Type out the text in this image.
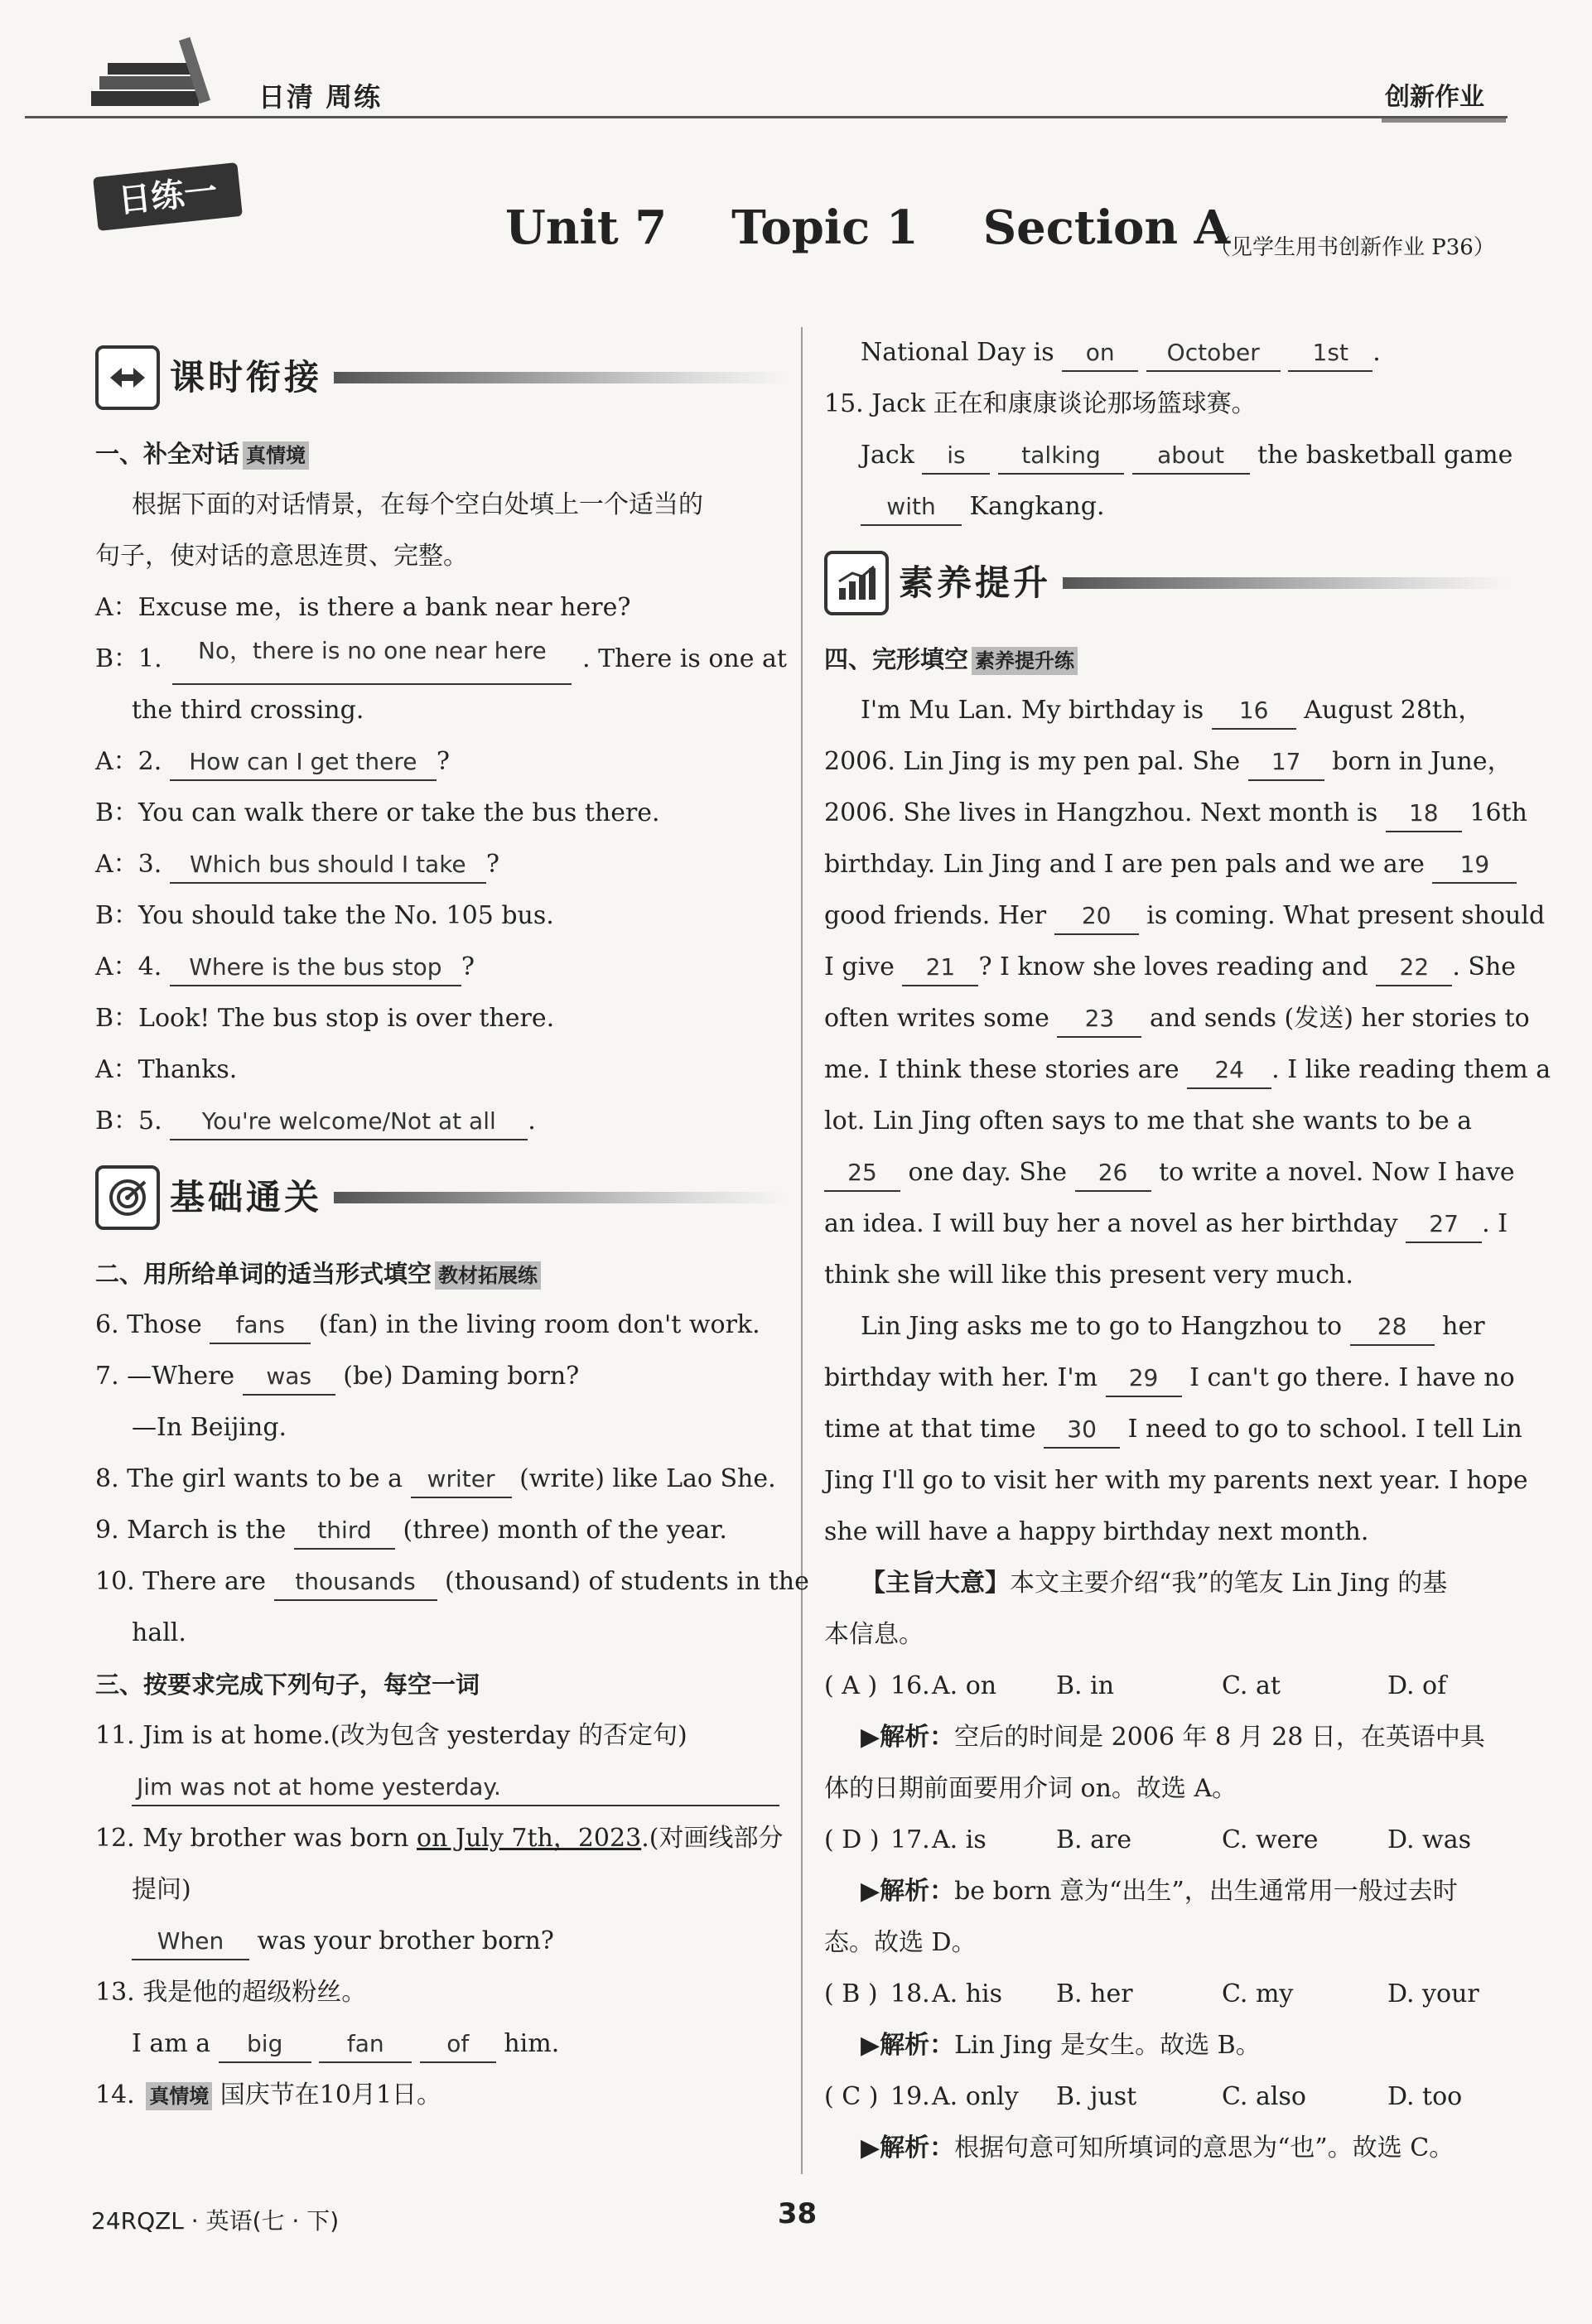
日清 周练	创新作业
日练一
Unit 7    Topic 1    Section A
（见学生用书创新作业 P36）
课时衔接
一、补全对话 真情境
根据下面的对话情景，在每个空白处填上一个适当的
句子，使对话的意思连贯、完整。
A：Excuse me，is there a bank near here?
B：1.	No，there is no one near here	. There is one at
the third crossing.
A：2. How can I get there ?
B：You can walk there or take the bus there.
A：3. Which bus should I take ?
B：You should take the No. 105 bus.
A：4. Where is the bus stop ?
B：Look! The bus stop is over there.
A：Thanks.
B：5. You're welcome/Not at all .
基础通关
二、用所给单词的适当形式填空 教材拓展练
6. Those fans (fan) in the living room don't work.
7. —Where was (be) Daming born?
—In Beijing.
8. The girl wants to be a writer (write) like Lao She.
9. March is the third (three) month of the year.
10. There are thousands (thousand) of students in the
hall.
三、按要求完成下列句子，每空一词
11. Jim is at home.(改为包含 yesterday 的否定句)
Jim was not at home yesterday.
12. My brother was born on July 7th，2023.(对画线部分
提问)
When was your brother born?
13. 我是他的超级粉丝。
I am a big	fan	of him.
14. 真情境 国庆节在10月1日。
National Day is on October 1st .
15. Jack 正在和康康谈论那场篮球赛。
Jack is talking about the basketball game
with Kangkang.
素养提升
四、完形填空 素养提升练
I'm Mu Lan. My birthday is 16 August 28th，
2006. Lin Jing is my pen pal. She 17 born in June，
2006. She lives in Hangzhou. Next month is 18 16th
birthday. Lin Jing and I are pen pals and we are 19
good friends. Her 20 is coming. What present should
I give 21 ? I know she loves reading and 22 . She
often writes some 23 and sends (发送) her stories to
me. I think these stories are 24 . I like reading them a
lot. Lin Jing often says to me that she wants to be a
25 one day. She 26 to write a novel. Now I have
an idea. I will buy her a novel as her birthday 27 . I
think she will like this present very much.
Lin Jing asks me to go to Hangzhou to 28 her
birthday with her. I'm 29 I can't go there. I have no
time at that time 30 I need to go to school. I tell Lin
Jing I'll go to visit her with my parents next year. I hope
she will have a happy birthday next month.
【主旨大意】本文主要介绍“我”的笔友 Lin Jing 的基
本信息。
( A ) 16. A. on	B. in	C. at	D. of
▶解析：空后的时间是 2006 年 8 月 28 日，在英语中具
体的日期前面要用介词 on。故选 A。
( D ) 17. A. is	B. are	C. were	D. was
▶解析：be born 意为“出生”，出生通常用一般过去时
态。故选 D。
( B ) 18. A. his	B. her	C. my	D. your
▶解析：Lin Jing 是女生。故选 B。
( C ) 19. A. only	B. just	C. also	D. too
▶解析：根据句意可知所填词的意思为“也”。故选 C。
24RQZL · 英语(七 · 下)	38
